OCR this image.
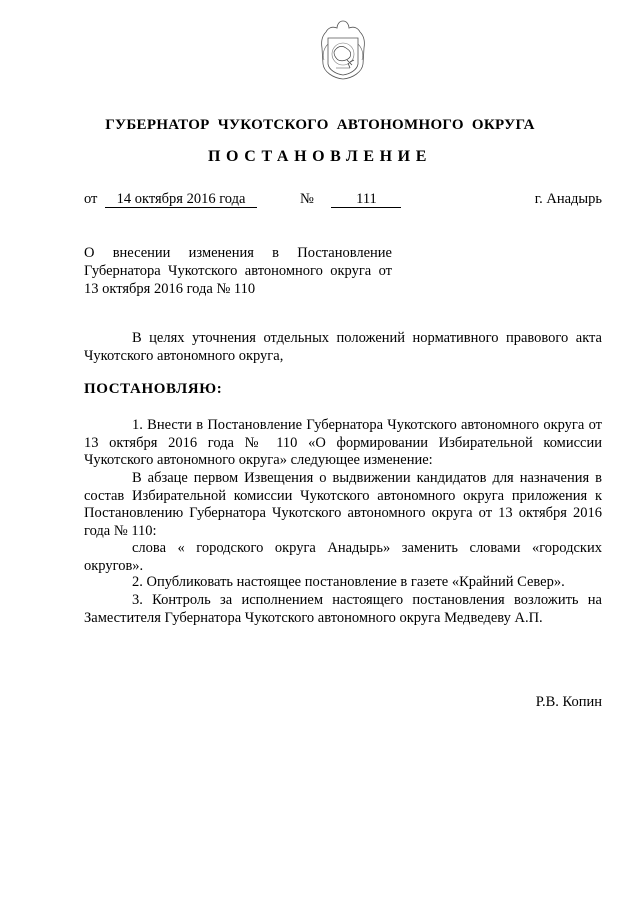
ГУБЕРНАТОР ЧУКОТСКОГО АВТОНОМНОГО ОКРУГА
ПОСТАНОВЛЕНИЕ
от 14 октября 2016 года	№	111	г. Анадырь
О внесении изменения в Постановление Губернатора Чукотского автономного округа от 13 октября 2016 года № 110
В целях уточнения отдельных положений нормативного правового акта Чукотского автономного округа,
ПОСТАНОВЛЯЮ:
1. Внести в Постановление Губернатора Чукотского автономного округа от 13 октября 2016 года № 110 «О формировании Избирательной комиссии Чукотского автономного округа» следующее изменение:
В абзаце первом Извещения о выдвижении кандидатов для назначения в состав Избирательной комиссии Чукотского автономного округа приложения к Постановлению Губернатора Чукотского автономного округа от 13 октября 2016 года № 110:
слова « городского округа Анадырь» заменить словами «городских округов».
2. Опубликовать настоящее постановление в газете «Крайний Север».
3. Контроль за исполнением настоящего постановления возложить на Заместителя Губернатора Чукотского автономного округа Медведеву А.П.
Р.В. Копин
